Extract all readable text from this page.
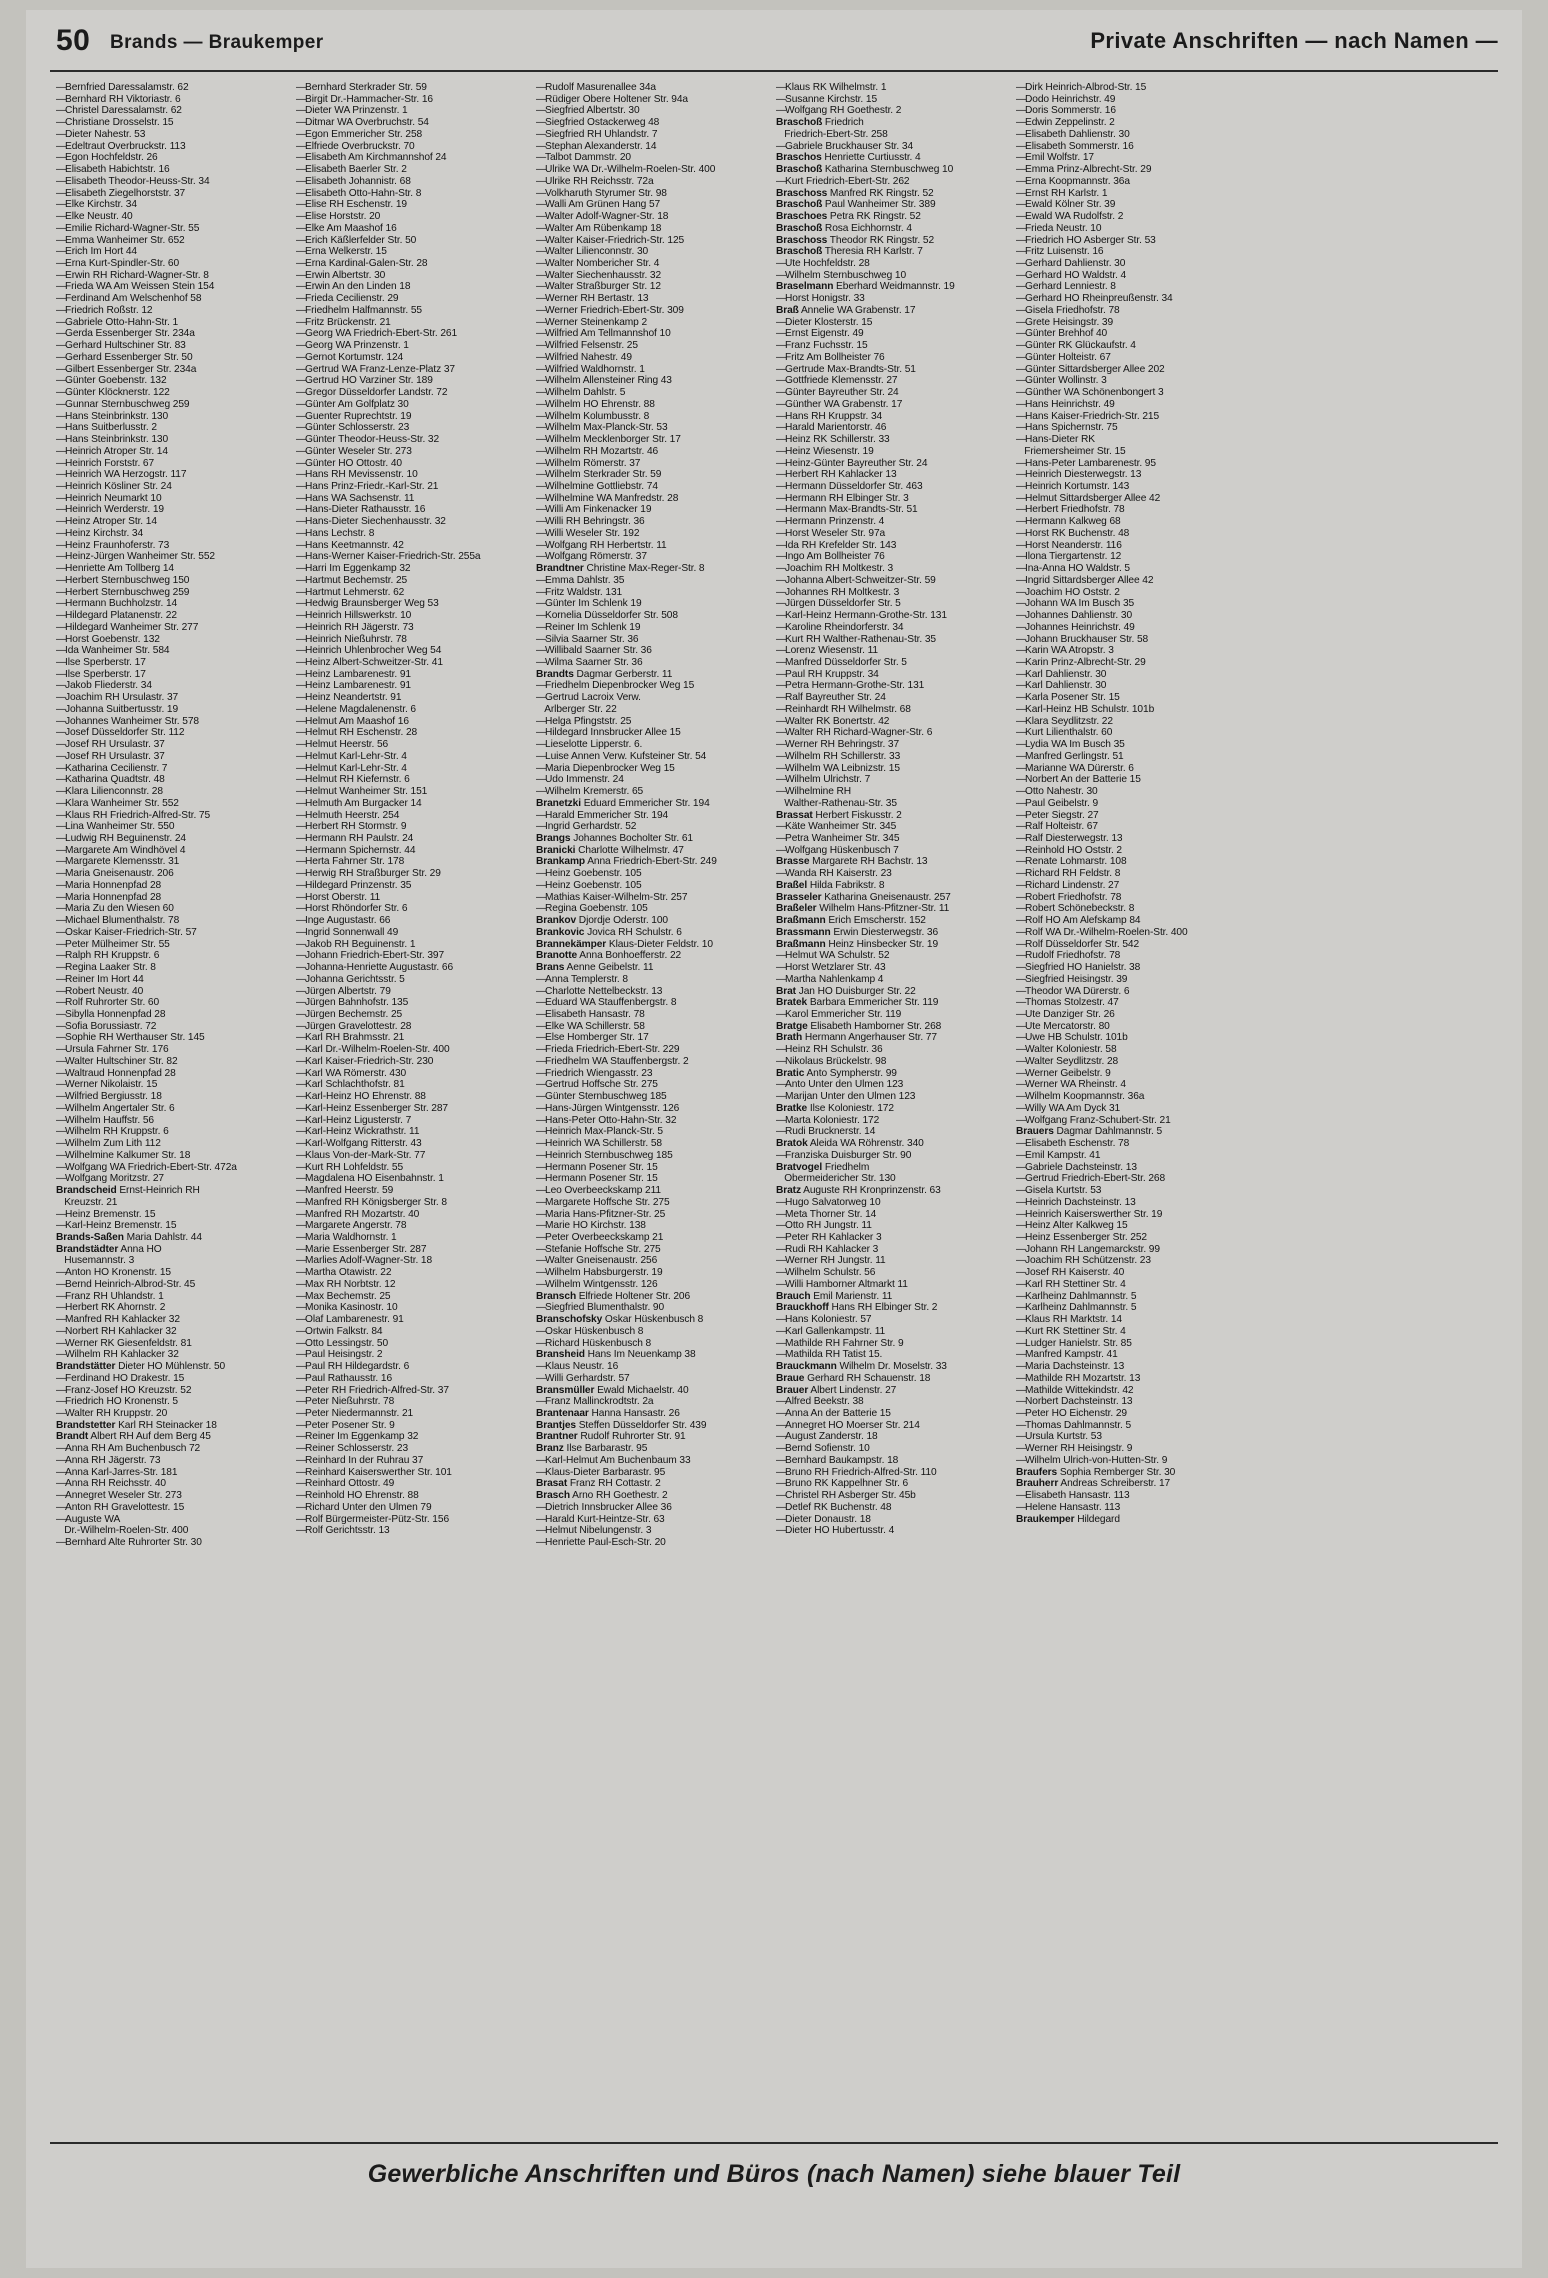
50 Brands — Braukemper	Private Anschriften — nach Namen —
—Bernfried Daressalamstr. 62
—Bernhard RH Viktoriastr. 6
—Christel Daressalamstr. 62
—Christiane Drosselstr. 15
—Dieter Nahestr. 53
—Edeltraut Overbruckstr. 113
—Egon Hochfeldstr. 26
—Elisabeth Habichtstr. 16
—Elisabeth Theodor-Heuss-Str. 34
—Elisabeth Ziegelhorststr. 37
—Elke Kirchstr. 34
—Elke Neustr. 40
—Emilie Richard-Wagner-Str. 55
—Emma Wanheimer Str. 652
—Erich Im Hort 44
—Erna Kurt-Spindler-Str. 60
—Erwin RH Richard-Wagner-Str. 8
—Frieda WA Am Weissen Stein 154
—Ferdinand Am Welschenhof 58
—Friedrich Roßstr. 12
—Gabriele Otto-Hahn-Str. 1
—Gerda Essenberger Str. 234a
—Gerhard Hultschiner Str. 83
—Gerhard Essenberger Str. 50
—Gilbert Essenberger Str. 234a
—Günter Goebenstr. 132
—Günter Klöcknerstr. 122
—Gunnar Sternbuschweg 259
—Hans Steinbrinkstr. 130
—Hans Suitberlusstr. 2
—Hans Steinbrinkstr. 130
—Heinrich Atroper Str. 14
—Heinrich Forststr. 67
—Heinrich WA Herzogstr. 117
—Heinrich Kösliner Str. 24
—Heinrich Neumarkt 10
—Heinrich Werderstr. 19
—Heinz Atroper Str. 14
—Heinz Kirchstr. 34
—Heinz Fraunhoferstr. 73
—Heinz-Jürgen Wanheimer Str. 552
—Henriette Am Tollberg 14
—Herbert Sternbuschweg 150
—Herbert Sternbuschweg 259
—Hermann Buchholzstr. 14
—Hildegard Platanenstr. 22
—Hildegard Wanheimer Str. 277
—Horst Goebenstr. 132
—Ida Wanheimer Str. 584
—Ilse Sperberstr. 17
—Ilse Sperberstr. 17
—Jakob Fliederstr. 34
—Joachim RH Ursulastr. 37
—Johanna Suitbertusstr. 19
—Johannes Wanheimer Str. 578
—Josef Düsseldorfer Str. 112
—Josef RH Ursulastr. 37
—Josef RH Ursulastr. 37
—Katharina Cecilienstr. 7
—Katharina Quadtstr. 48
—Klara Lilienconnstr. 28
—Klara Wanheimer Str. 552
—Klaus RH Friedrich-Alfred-Str. 75
—Lina Wanheimer Str. 550
—Ludwig RH Beguinenstr. 24
—Margarete Am Windhövel 4
—Margarete Klemensstr. 31
—Maria Gneisenaustr. 206
—Maria Honnenpfad 28
—Maria Honnenpfad 28
—Maria Zu den Wiesen 60
—Michael Blumenthalstr. 78
—Oskar Kaiser-Friedrich-Str. 57
—Peter Mülheimer Str. 55
—Ralph RH Kruppstr. 6
—Regina Laaker Str. 8
—Reiner Im Hort 44
—Robert Neustr. 40
—Rolf Ruhrorter Str. 60
—Sibylla Honnenpfad 28
—Sofia Borussiastr. 72
—Sophie RH Werthauser Str. 145
—Ursula Fahrner Str. 176
—Walter Hultschiner Str. 82
—Waltraud Honnenpfad 28
—Werner Nikolaistr. 15
—Wilfried Bergiusstr. 18
—Wilhelm Angertaler Str. 6
—Wilhelm Hauffstr. 56
—Wilhelm RH Kruppstr. 6
—Wilhelm Zum Lith 112
—Wilhelmine Kalkumer Str. 18
—Wolfgang WA Friedrich-Ebert-Str. 472a
—Wolfgang Moritzstr. 27
Brandscheid Ernst-Heinrich RH
Kreuzstr. 21
—Heinz Bremenstr. 15
—Karl-Heinz Bremenstr. 15
Brands-Saßen Maria Dahlstr. 44
Brandstädter Anna HO
Husemannstr. 3
—Anton HO Kronenstr. 15
—Bernd Heinrich-Albrod-Str. 45
—Franz RH Uhlandstr. 1
—Herbert RK Ahornstr. 2
—Manfred RH Kahlacker 32
—Norbert RH Kahlacker 32
—Werner RK Giesenfeldstr. 81
—Wilhelm RH Kahlacker 32
Brandstätter Dieter HO Mühlenstr. 50
—Ferdinand HO Drakestr. 15
—Franz-Josef HO Kreuzstr. 52
—Friedrich HO Kronenstr. 5
—Walter RH Kruppstr. 20
Brandstetter Karl RH Steinacker 18
Brandt Albert RH Auf dem Berg 45
—Anna RH Am Buchenbusch 72
—Anna RH Jägerstr. 73
—Anna Karl-Jarres-Str. 181
—Anna RH Reichsstr. 40
—Annegret Weseler Str. 273
—Anton RH Gravelottestr. 15
—Auguste WA
Dr.-Wilhelm-Roelen-Str. 400
—Bernhard Alte Ruhrorter Str. 30
—Bernhard Sterkrader Str. 59
—Birgit Dr.-Hammacher-Str. 16
—Dieter WA Prinzenstr. 1
—Ditmar WA Overbruchstr. 54
—Egon Emmericher Str. 258
—Elfriede Overbruckstr. 70
—Elisabeth Am Kirchmannshof 24
—Elisabeth Baerler Str. 2
—Elisabeth Johannistr. 68
—Elisabeth Otto-Hahn-Str. 8
—Elise RH Eschenstr. 19
—Elise Horststr. 20
—Elke Am Maashof 16
—Erich Käßlerfelder Str. 50
—Erna Welkerstr. 15
—Erna Kardinal-Galen-Str. 28
—Erwin Albertstr. 30
—Erwin An den Linden 18
—Frieda Cecilienstr. 29
—Friedhelm Halfmannstr. 55
—Fritz Brückenstr. 21
—Georg WA Friedrich-Ebert-Str. 261
—Georg WA Prinzenstr. 1
—Gernot Kortumstr. 124
—Gertrud WA Franz-Lenze-Platz 37
—Gertrud HO Varziner Str. 189
—Gregor Düsseldorfer Landstr. 72
—Günter Am Golfplatz 30
—Guenter Ruprechtstr. 19
—Günter Schlosserstr. 23
—Günter Theodor-Heuss-Str. 32
—Günter Weseler Str. 273
—Günter HO Ottostr. 40
—Hans RH Mevissenstr. 10
—Hans Prinz-Friedr.-Karl-Str. 21
—Hans WA Sachsenstr. 11
—Hans-Dieter Rathausstr. 16
—Hans-Dieter Siechenhausstr. 32
—Hans Lechstr. 8
—Hans Keetmannstr. 42
—Hans-Werner Kaiser-Friedrich-Str. 255a
—Harri Im Eggenkamp 32
—Hartmut Bechemstr. 25
—Hartmut Lehmerstr. 62
—Hedwig Braunsberger Weg 53
—Heinrich Hillswerkstr. 10
—Heinrich RH Jägerstr. 73
—Heinrich Nießuhrstr. 78
—Heinrich Uhlenbrocher Weg 54
—Heinz Albert-Schweitzer-Str. 41
—Heinz Lambarenestr. 91
—Heinz Lambarenestr. 91
—Heinz Neandertstr. 91
—Helene Magdalenenstr. 6
—Helmut Am Maashof 16
—Helmut RH Eschenstr. 28
—Helmut Heerstr. 56
—Helmut Karl-Lehr-Str. 4
—Helmut Karl-Lehr-Str. 4
—Helmut RH Kiefernstr. 6
—Helmut Wanheimer Str. 151
—Helmuth Am Burgacker 14
—Helmuth Heerstr. 254
—Herbert RH Stormstr. 9
—Hermann RH Paulstr. 24
—Hermann Spichernstr. 44
—Herta Fahrner Str. 178
—Herwig RH Straßburger Str. 29
—Hildegard Prinzenstr. 35
—Horst Oberstr. 11
—Horst Rhöndorfer Str. 6
—Inge Augustastr. 66
—Ingrid Sonnenwall 49
—Jakob RH Beguinenstr. 1
—Johann Friedrich-Ebert-Str. 397
—Johanna-Henriette Augustastr. 66
—Johanna Gerichtsstr. 5
—Jürgen Albertstr. 79
—Jürgen Bahnhofstr. 135
—Jürgen Bechemstr. 25
—Jürgen Gravelottestr. 28
—Karl RH Brahmsstr. 21
—Karl Dr.-Wilhelm-Roelen-Str. 400
—Karl Kaiser-Friedrich-Str. 230
—Karl WA Römerstr. 430
—Karl Schlachthofstr. 81
—Karl-Heinz HO Ehrenstr. 88
—Karl-Heinz Essenberger Str. 287
—Karl-Heinz Ligusterstr. 7
—Karl-Heinz Wickrathstr. 11
—Karl-Wolfgang Ritterstr. 43
—Klaus Von-der-Mark-Str. 77
—Kurt RH Lohfeldstr. 55
—Magdalena HO Eisenbahnstr. 1
—Manfred Heerstr. 59
—Manfred RH Königsberger Str. 8
—Manfred RH Mozartstr. 40
—Margarete Angerstr. 78
—Maria Waldhornstr. 1
—Marie Essenberger Str. 287
—Marlies Adolf-Wagner-Str. 18
—Martha Otawistr. 22
—Max RH Norbtstr. 12
—Max Bechemstr. 25
—Monika Kasinostr. 10
—Olaf Lambarenestr. 91
—Ortwin Falkstr. 84
—Otto Lessingstr. 50
—Paul Heisingstr. 2
—Paul RH Hildegardstr. 6
—Paul Rathausstr. 16
—Peter RH Friedrich-Alfred-Str. 37
—Peter Nießuhrstr. 78
—Peter Niedermannstr. 21
—Peter Posener Str. 9
—Reiner Im Eggenkamp 32
—Reiner Schlosserstr. 23
—Reinhard In der Ruhrau 37
—Reinhard Kaiserswerther Str. 101
—Reinhard Ottostr. 49
—Reinhold HO Ehrenstr. 88
—Richard Unter den Ulmen 79
—Rolf Bürgermeister-Pütz-Str. 156
—Rolf Gerichtsstr. 13
—Rudolf Masurenallee 34a
—Rüdiger Obere Holtener Str. 94a
—Siegfried Albertstr. 30
—Siegfried Ostackerweg 48
—Siegfried RH Uhlandstr. 7
—Stephan Alexanderstr. 14
—Talbot Dammstr. 20
—Ulrike WA Dr.-Wilhelm-Roelen-Str. 400
—Ulrike RH Reichsstr. 72a
—Volkharuth Styrumer Str. 98
—Walli Am Grünen Hang 57
—Walter Adolf-Wagner-Str. 18
—Walter Am Rübenkamp 18
—Walter Kaiser-Friedrich-Str. 125
—Walter Lilienconnstr. 30
—Walter Nombericher Str. 4
—Walter Siechenhausstr. 32
—Walter Straßburger Str. 12
—Werner RH Bertastr. 13
—Werner Friedrich-Ebert-Str. 309
—Werner Steinenkamp 2
—Wilfried Am Tellmannshof 10
—Wilfried Felsenstr. 25
—Wilfried Nahestr. 49
—Wilfried Waldhornstr. 1
—Wilhelm Allensteiner Ring 43
—Wilhelm Dahlstr. 5
—Wilhelm HO Ehrenstr. 88
—Wilhelm Kolumbusstr. 8
—Wilhelm Max-Planck-Str. 53
—Wilhelm Mecklenborger Str. 17
—Wilhelm RH Mozartstr. 46
—Wilhelm Römerstr. 37
—Wilhelm Sterkrader Str. 59
—Wilhelmine Gottliebstr. 74
—Wilhelmine WA Manfredstr. 28
—Willi Am Finkenacker 19
—Willi RH Behringstr. 36
—Willi Weseler Str. 192
—Wolfgang RH Herbertstr. 11
—Wolfgang Römerstr. 37
Brandtner Christine Max-Reger-Str. 8
—Emma Dahlstr. 35
—Fritz Waldstr. 131
—Günter Im Schlenk 19
—Kornelia Düsseldorfer Str. 508
—Reiner Im Schlenk 19
—Silvia Saarner Str. 36
—Willibald Saarner Str. 36
—Wilma Saarner Str. 36
Brandts Dagmar Gerberstr. 11
—Friedhelm Diepenbrocker Weg 15
—Gertrud Lacroix Verw.
Arlberger Str. 22
—Helga Pfingststr. 25
—Hildegard Innsbrucker Allee 15
—Lieselotte Lipperstr. 6.
—Luise Annen Verw. Kufsteiner Str. 54
—Maria Diepenbrocker Weg 15
—Udo Immenstr. 24
—Wilhelm Kremerstr. 65
Branetzki Eduard Emmericher Str. 194
—Harald Emmericher Str. 194
—Ingrid Gerhardstr. 52
Brangs Johannes Bocholter Str. 61
Branicki Charlotte Wilhelmstr. 47
Brankamp Anna Friedrich-Ebert-Str. 249
—Heinz Goebenstr. 105
—Heinz Goebenstr. 105
—Mathias Kaiser-Wilhelm-Str. 257
—Regina Goebenstr. 105
Brankov Djordje Oderstr. 100
Brankovic Jovica RH Schulstr. 6
Brannekämper Klaus-Dieter Feldstr. 10
Branotte Anna Bonhoefferstr. 22
Brans Aenne Geibelstr. 11
—Anna Templerstr. 8
—Charlotte Nettelbeckstr. 13
—Eduard WA Stauffenbergstr. 8
—Elisabeth Hansastr. 78
—Elke WA Schillerstr. 58
—Else Homberger Str. 17
—Frieda Friedrich-Ebert-Str. 229
—Friedhelm WA Stauffenbergstr. 2
—Friedrich Wiengasstr. 23
—Gertrud Hoffsche Str. 275
—Günter Sternbuschweg 185
—Hans-Jürgen Wintgensstr. 126
—Hans-Peter Otto-Hahn-Str. 32
—Heinrich Max-Planck-Str. 5
—Heinrich WA Schillerstr. 58
—Heinrich Sternbuschweg 185
—Hermann Posener Str. 15
—Hermann Posener Str. 15
—Leo Overbeeckskamp 211
—Margarete Hoffsche Str. 275
—Maria Hans-Pfitzner-Str. 25
—Marie HO Kirchstr. 138
—Peter Overbeeckskamp 21
—Stefanie Hoffsche Str. 275
—Walter Gneisenaustr. 256
—Wilhelm Habsburgerstr. 19
—Wilhelm Wintgensstr. 126
Bransch Elfriede Holtener Str. 206
—Siegfried Blumenthalstr. 90
Branschofsky Oskar Hüskenbusch 8
—Oskar Hüskenbusch 8
—Richard Hüskenbusch 8
Bransheid Hans Im Neuenkamp 38
—Klaus Neustr. 16
—Willi Gerhardstr. 57
Bransmüller Ewald Michaelstr. 40
—Franz Mallinckrodtstr. 2a
Brantenaar Hanna Hansastr. 26
Brantjes Steffen Düsseldorfer Str. 439
Brantner Rudolf Ruhrorter Str. 91
Branz Ilse Barbarastr. 95
—Karl-Helmut Am Buchenbaum 33
—Klaus-Dieter Barbarastr. 95
Brasat Franz RH Cottastr. 2
Brasch Arno RH Goethestr. 2
—Dietrich Innsbrucker Allee 36
—Harald Kurt-Heintze-Str. 63
—Helmut Nibelungenstr. 3
—Henriette Paul-Esch-Str. 20
—Klaus RK Wilhelmstr. 1
—Susanne Kirchstr. 15
—Wolfgang RH Goethestr. 2
Braschoß Friedrich
Friedrich-Ebert-Str. 258
—Gabriele Bruckhauser Str. 34
Braschos Henriette Curtiusstr. 4
Braschoß Katharina Sternbuschweg 10
—Kurt Friedrich-Ebert-Str. 262
Braschoss Manfred RK Ringstr. 52
Braschoß Paul Wanheimer Str. 389
Braschoes Petra RK Ringstr. 52
Braschoß Rosa Eichhornstr. 4
Braschoss Theodor RK Ringstr. 52
Braschoß Theresia RH Karlstr. 7
—Ute Hochfeldstr. 28
—Wilhelm Sternbuschweg 10
Braselmann Eberhard Weidmannstr. 19
—Horst Honigstr. 33
Braß Annelie WA Grabenstr. 17
—Dieter Klosterstr. 15
—Ernst Eigenstr. 49
—Franz Fuchsstr. 15
—Fritz Am Bollheister 76
—Gertrude Max-Brandts-Str. 51
—Gottfriede Klemensstr. 27
—Günter Bayreuther Str. 24
—Günther WA Grabenstr. 17
—Hans RH Kruppstr. 34
—Harald Marientorstr. 46
—Heinz RK Schillerstr. 33
—Heinz Wiesenstr. 19
—Heinz-Günter Bayreuther Str. 24
—Herbert RH Kahlacker 13
—Hermann Düsseldorfer Str. 463
—Hermann RH Elbinger Str. 3
—Hermann Max-Brandts-Str. 51
—Hermann Prinzenstr. 4
—Horst Weseler Str. 97a
—Ida RH Krefelder Str. 143
—Ingo Am Bollheister 76
—Joachim RH Moltkestr. 3
—Johanna Albert-Schweitzer-Str. 59
—Johannes RH Moltkestr. 3
—Jürgen Düsseldorfer Str. 5
—Karl-Heinz Hermann-Grothe-Str. 131
—Karoline Rheindorferstr. 34
—Kurt RH Walther-Rathenau-Str. 35
—Lorenz Wiesenstr. 11
—Manfred Düsseldorfer Str. 5
—Paul RH Kruppstr. 34
—Petra Hermann-Grothe-Str. 131
—Ralf Bayreuther Str. 24
—Reinhardt RH Wilhelmstr. 68
—Walter RK Bonertstr. 42
—Walter RH Richard-Wagner-Str. 6
—Werner RH Behringstr. 37
—Wilhelm RH Schillerstr. 33
—Wilhelm WA Leibnizstr. 15
—Wilhelm Ulrichstr. 7
—Wilhelmine RH
Walther-Rathenau-Str. 35
Brassat Herbert Fiskusstr. 2
—Käte Wanheimer Str. 345
—Petra Wanheimer Str. 345
—Wolfgang Hüskenbusch 7
Brasse Margarete RH Bachstr. 13
—Wanda RH Kaiserstr. 23
Braßel Hilda Fabrikstr. 8
Brasseler Katharina Gneisenaustr. 257
Braßeler Wilhelm Hans-Pfitzner-Str. 11
Braßmann Erich Emscherstr. 152
Brassmann Erwin Diesterwegstr. 36
Braßmann Heinz Hinsbecker Str. 19
—Helmut WA Schulstr. 52
—Horst Wetzlarer Str. 43
—Martha Nahlenkamp 4
Brat Jan HO Duisburger Str. 22
Bratek Barbara Emmericher Str. 119
—Karol Emmericher Str. 119
Bratge Elisabeth Hamborner Str. 268
Brath Hermann Angerhauser Str. 77
—Heinz RH Schulstr. 36
—Nikolaus Brückelstr. 98
Bratic Anto Sympherstr. 99
—Anto Unter den Ulmen 123
—Marijan Unter den Ulmen 123
Bratke Ilse Koloniestr. 172
—Marta Koloniestr. 172
—Rudi Brucknerstr. 14
Bratok Aleida WA Röhrenstr. 340
—Franziska Duisburger Str. 90
Bratvogel Friedhelm
Obermeidericher Str. 130
Bratz Auguste RH Kronprinzenstr. 63
—Hugo Salvatorweg 10
—Meta Thorner Str. 14
—Otto RH Jungstr. 11
—Peter RH Kahlacker 3
—Rudi RH Kahlacker 3
—Werner RH Jungstr. 11
—Wilhelm Schulstr. 56
—Willi Hamborner Altmarkt 11
Brauch Emil Marienstr. 11
Brauckhoff Hans RH Elbinger Str. 2
—Hans Koloniestr. 57
—Karl Gallenkampstr. 11
—Mathilde RH Fahrner Str. 9
—Mathilda RH Tatist 15.
Brauckmann Wilhelm Dr. Moselstr. 33
Braue Gerhard RH Schauenstr. 18
Brauer Albert Lindenstr. 27
—Alfred Beekstr. 38
—Anna An der Batterie 15
—Annegret HO Moerser Str. 214
—August Zanderstr. 18
—Bernd Sofienstr. 10
—Bernhard Baukampstr. 18
—Bruno RH Friedrich-Alfred-Str. 110
—Bruno RK Kappelhner Str. 6
—Christel RH Asberger Str. 45b
—Detlef RK Buchenstr. 48
—Dieter Donaustr. 18
—Dieter HO Hubertusstr. 4
—Dirk Heinrich-Albrod-Str. 15
—Dodo Heinrichstr. 49
—Doris Sommerstr. 16
—Edwin Zeppelinstr. 2
—Elisabeth Dahlienstr. 30
—Elisabeth Sommerstr. 16
—Emil Wolfstr. 17
—Emma Prinz-Albrecht-Str. 29
—Erna Koopmannstr. 36a
—Ernst RH Karlstr. 1
—Ewald Kölner Str. 39
—Ewald WA Rudolfstr. 2
—Frieda Neustr. 10
—Friedrich HO Asberger Str. 53
—Fritz Luisenstr. 16
—Gerhard Dahlienstr. 30
—Gerhard HO Waldstr. 4
—Gerhard Lenniestr. 8
—Gerhard HO Rheinpreußenstr. 34
—Gisela Friedhofstr. 78
—Grete Heisingstr. 39
—Günter Brehhof 40
—Günter RK Glückaufstr. 4
—Günter Holteistr. 67
—Günter Sittardsberger Allee 202
—Günter Wollinstr. 3
—Günther WA Schönenbongert 3
—Hans Heinrichstr. 49
—Hans Kaiser-Friedrich-Str. 215
—Hans Spichernstr. 75
—Hans-Dieter RK
Friemersheimer Str. 15
—Hans-Peter Lambarenestr. 95
—Heinrich Diesterwegstr. 13
—Heinrich Kortumstr. 143
—Helmut Sittardsberger Allee 42
—Herbert Friedhofstr. 78
—Hermann Kalkweg 68
—Horst RK Buchenstr. 48
—Horst Neanderstr. 116
—Ilona Tiergartenstr. 12
—Ina-Anna HO Waldstr. 5
—Ingrid Sittardsberger Allee 42
—Joachim HO Oststr. 2
—Johann WA Im Busch 35
—Johannes Dahlienstr. 30
—Johannes Heinrichstr. 49
—Johann Bruckhauser Str. 58
—Karin WA Atropstr. 3
—Karin Prinz-Albrecht-Str. 29
—Karl Dahlienstr. 30
—Karl Dahlienstr. 30
—Karla Posener Str. 15
—Karl-Heinz HB Schulstr. 101b
—Klara Seydlitzstr. 22
—Kurt Lilienthalstr. 60
—Lydia WA Im Busch 35
—Manfred Gerlingstr. 51
—Marianne WA Dürerstr. 6
—Norbert An der Batterie 15
—Otto Nahestr. 30
—Paul Geibelstr. 9
—Peter Siegstr. 27
—Ralf Holteistr. 67
—Ralf Diesterwegstr. 13
—Reinhold HO Oststr. 2
—Renate Lohmarstr. 108
—Richard RH Feldstr. 8
—Richard Lindenstr. 27
—Robert Friedhofstr. 78
—Robert Schönebeckstr. 8
—Rolf HO Am Alefskamp 84
—Rolf WA Dr.-Wilhelm-Roelen-Str. 400
—Rolf Düsseldorfer Str. 542
—Rudolf Friedhofstr. 78
—Siegfried HO Hanielstr. 38
—Siegfried Heisingstr. 39
—Theodor WA Dürerstr. 6
—Thomas Stolzestr. 47
—Ute Danziger Str. 26
—Ute Mercatorstr. 80
—Uwe HB Schulstr. 101b
—Walter Koloniestr. 58
—Walter Seydlitzstr. 28
—Werner Geibelstr. 9
—Werner WA Rheinstr. 4
—Wilhelm Koopmannstr. 36a
—Willy WA Am Dyck 31
—Wolfgang Franz-Schubert-Str. 21
Brauers Dagmar Dahlmannstr. 5
—Elisabeth Eschenstr. 78
—Emil Kampstr. 41
—Gabriele Dachsteinstr. 13
—Gertrud Friedrich-Ebert-Str. 268
—Gisela Kurtstr. 53
—Heinrich Dachsteinstr. 13
—Heinrich Kaiserswerther Str. 19
—Heinz Alter Kalkweg 15
—Heinz Essenberger Str. 252
—Johann RH Langemarckstr. 99
—Joachim RH Schützenstr. 23
—Josef RH Kaiserstr. 40
—Karl RH Stettiner Str. 4
—Karlheinz Dahlmannstr. 5
—Karlheinz Dahlmannstr. 5
—Klaus RH Marktstr. 14
—Kurt RK Stettiner Str. 4
—Ludger Hanielstr. Str. 85
—Manfred Kampstr. 41
—Maria Dachsteinstr. 13
—Mathilde RH Mozartstr. 13
—Mathilde Wittekindstr. 42
—Norbert Dachsteinstr. 13
—Peter HO Eichenstr. 29
—Thomas Dahlmannstr. 5
—Ursula Kurtstr. 53
—Werner RH Heisingstr. 9
—Wilhelm Ulrich-von-Hutten-Str. 9
Braufers Sophia Remberger Str. 30
Brauherr Andreas Schreiberstr. 17
—Elisabeth Hansastr. 113
—Helene Hansastr. 113
Braukemper Hildegard
Gewerbliche Anschriften und Büros (nach Namen) siehe blauer Teil
